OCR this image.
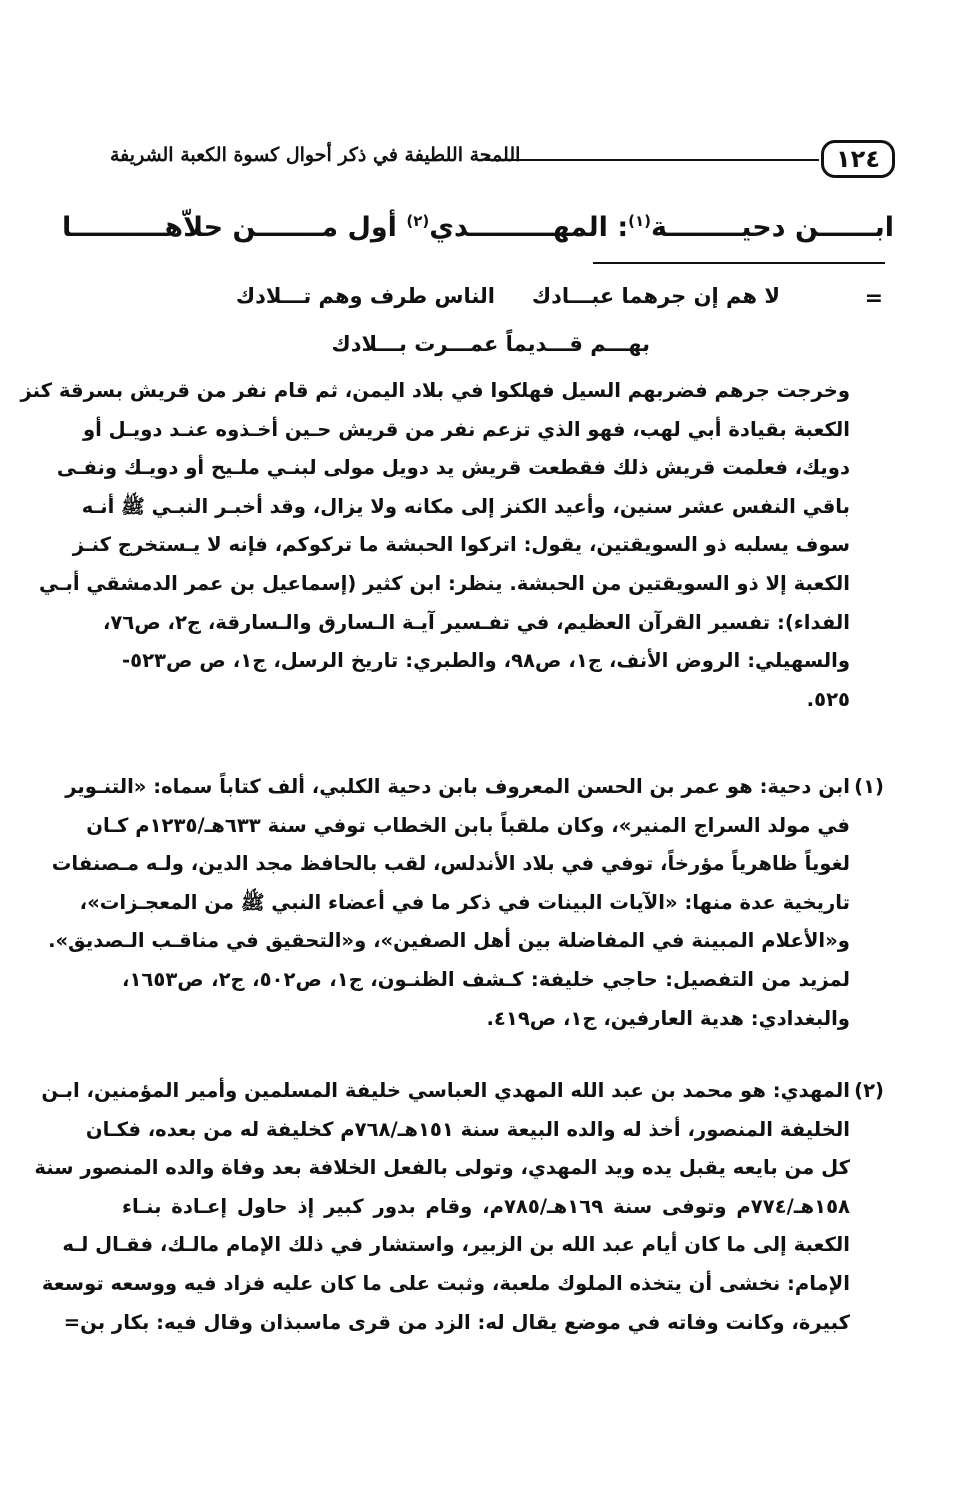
١٢٤
اللمحة اللطيفة في ذكر أحوال كسوة الكعبة الشريفة
ابــــــن دحيــــــــة$^{(١)}$: المهـــــــــدي$^{(٢)}$ أول مـــــــن حلاّهــــــــــا
=
لا هم إن جرهما عبـــادك
الناس طرف وهم تـــلادك
بهـــم قـــديماً عمـــرت بـــلادك

وخرجت جرهم فضربهم السيل فهلكوا في بلاد اليمن، ثم قام نفر من قريش بسرقة كنز

الكعبة بقيادة أبي لهب، فهو الذي تزعم نفر من قريش حـين أخـذوه عنـد دويـل أو

دويك، فعلمت قريش ذلك فقطعت قريش يد دويل مولى لبنـي ملـيح أو دويـك ونفـى

باقي النفس عشر سنين، وأعيد الكنز إلى مكانه ولا يزال، وقد أخبـر النبـي ﷺ أنـه

سوف يسلبه ذو السويقتين، يقول: اتركوا الحبشة ما تركوكم، فإنه لا يـستخرج كنـز

الكعبة إلا ذو السويقتين من الحبشة. ينظر: ابن كثير (إسماعيل بن عمر الدمشقي أبـي

الفداء): تفسير القرآن العظيم، في تفـسير آيـة الـسارق والـسارقة، ج٢، ص٧٦،

والسهيلي: الروض الأنف، ج١، ص٩٨، والطبري: تاريخ الرسل، ج١، ص ص٥٢٣-

٥٢٥.

(١)

ابن دحية: هو عمر بن الحسن المعروف بابن دحية الكلبي، ألف كتاباً سماه: «التنـوير

في مولد السراج المنير»، وكان ملقباً بابن الخطاب توفي سنة ٦٣٣هـ/١٢٣٥م كـان

لغوياً ظاهرياً مؤرخاً، توفي في بلاد الأندلس، لقب بالحافظ مجد الدين، ولـه مـصنفات

تاريخية عدة منها: «الآيات البينات في ذكر ما في أعضاء النبي ﷺ من المعجـزات»،

و«الأعلام المبينة في المفاضلة بين أهل الصفين»، و«التحقيق في مناقـب الـصديق».

لمزيد من التفصيل: حاجي خليفة: كـشف الظنـون، ج١، ص٥٠٢، ج٢، ص١٦٥٣،

والبغدادي: هدية العارفين، ج١، ص٤١٩.

(٢)

المهدي: هو محمد بن عبد الله المهدي العباسي خليفة المسلمين وأمير المؤمنين، ابـن

الخليفة المنصور، أخذ له والده البيعة سنة ١٥١هـ/٧٦٨م كخليفة له من بعده، فكـان

كل من بايعه يقبل يده ويد المهدي، وتولى بالفعل الخلافة بعد وفاة والده المنصور سنة

١٥٨هـ/٧٧٤م وتوفى سنة ١٦٩هـ/٧٨٥م، وقام بدور كبير إذ حاول إعـادة بنـاء

الكعبة إلى ما كان أيام عبد الله بن الزبير، واستشار في ذلك الإمام مالـك، فقـال لـه

الإمام: نخشى أن يتخذه الملوك ملعبة، وثبت على ما كان عليه فزاد فيه ووسعه توسعة

كبيرة، وكانت وفاته في موضع يقال له: الزد من قرى ماسبذان وقال فيه: بكار بن=
